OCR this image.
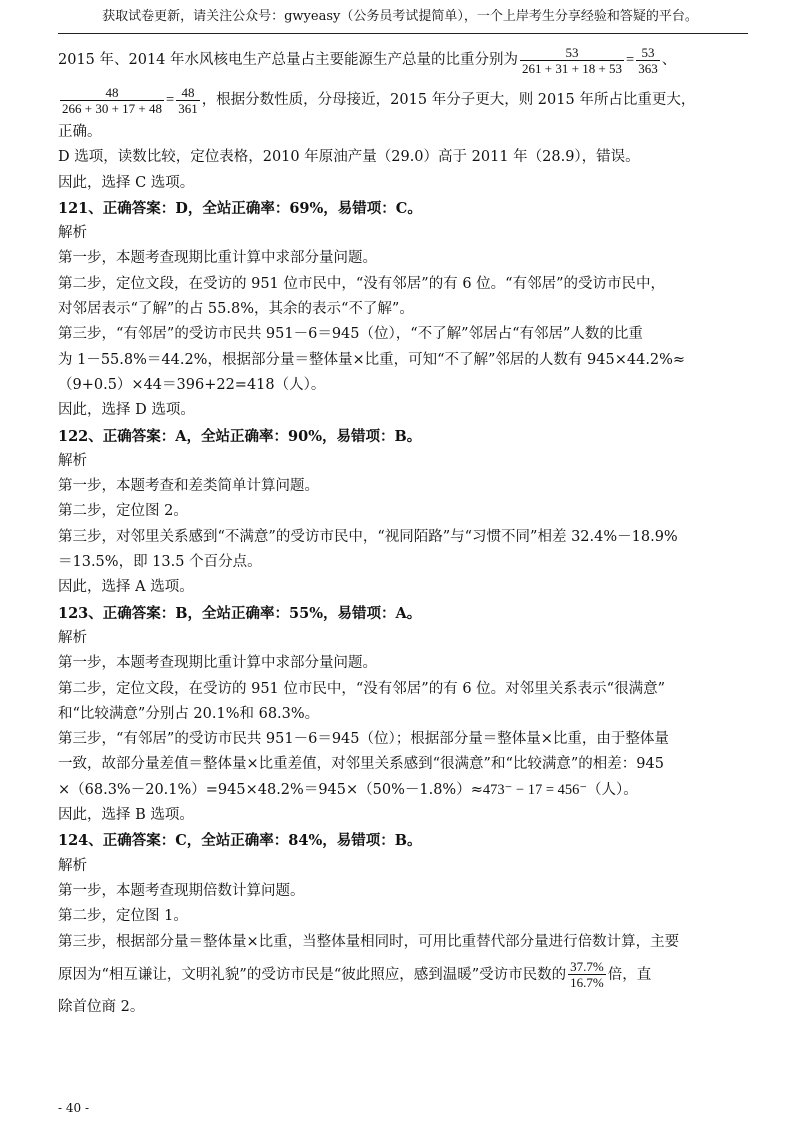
获取试卷更新，请关注公众号：gwyeasy（公务员考试提简单），一个上岸考生分享经验和答疑的平台。
2015 年、2014 年水风核电生产总量占主要能源生产总量的比重分别为 $\frac{53}{261 + 31 + 18 + 53} = \frac{53}{363}$ 、
$\frac{48}{266 + 30 + 17 + 48} = \frac{48}{361}$ ，根据分数性质，分母接近，2015 年分子更大，则 2015 年所占比重更大，
正确。
D 选项，读数比较，定位表格，2010 年原油产量（29.0）高于 2011 年（28.9），错误。
因此，选择 C 选项。
121、正确答案：D，全站正确率：69%，易错项：C。
解析
第一步，本题考查现期比重计算中求部分量问题。
第二步，定位文段，在受访的 951 位市民中，“没有邻居”的有 6 位。“有邻居”的受访市民中，
对邻居表示“了解”的占 55.8%，其余的表示“不了解”。
第三步，“有邻居”的受访市民共 951－6＝945（位），“不了解”邻居占“有邻居”人数的比重
为 1－55.8%＝44.2%，根据部分量＝整体量×比重，可知“不了解”邻居的人数有 945×44.2%≈
（9+0.5）×44＝396+22=418（人）。
因此，选择 D 选项。
122、正确答案：A，全站正确率：90%，易错项：B。
解析
第一步，本题考查和差类简单计算问题。
第二步，定位图 2。
第三步，对邻里关系感到“不满意”的受访市民中，“视同陌路”与“习惯不同”相差 32.4%－18.9%
＝13.5%，即 13.5 个百分点。
因此，选择 A 选项。
123、正确答案：B，全站正确率：55%，易错项：A。
解析
第一步，本题考查现期比重计算中求部分量问题。
第二步，定位文段，在受访的 951 位市民中，“没有邻居”的有 6 位。对邻里关系表示“很满意”
和“比较满意”分别占 20.1%和 68.3%。
第三步，“有邻居”的受访市民共 951－6＝945（位）；根据部分量＝整体量×比重，由于整体量
一致，故部分量差值＝整体量×比重差值，对邻里关系感到“很满意”和“比较满意”的相差：945
×（68.3%－20.1%）=945×48.2%＝945×（50%－1.8%）≈473⁻ − 17 = 456⁻（人）。
因此，选择 B 选项。
124、正确答案：C，全站正确率：84%，易错项：B。
解析
第一步，本题考查现期倍数计算问题。
第二步，定位图 1。
第三步，根据部分量＝整体量×比重，当整体量相同时，可用比重替代部分量进行倍数计算，主要
原因为“相互谦让，文明礼貌”的受访市民是“彼此照应，感到温暖”受访市民数的 $\frac{37.7\%}{16.7\%}$ 倍，直
除首位商 2。
- 40 -
